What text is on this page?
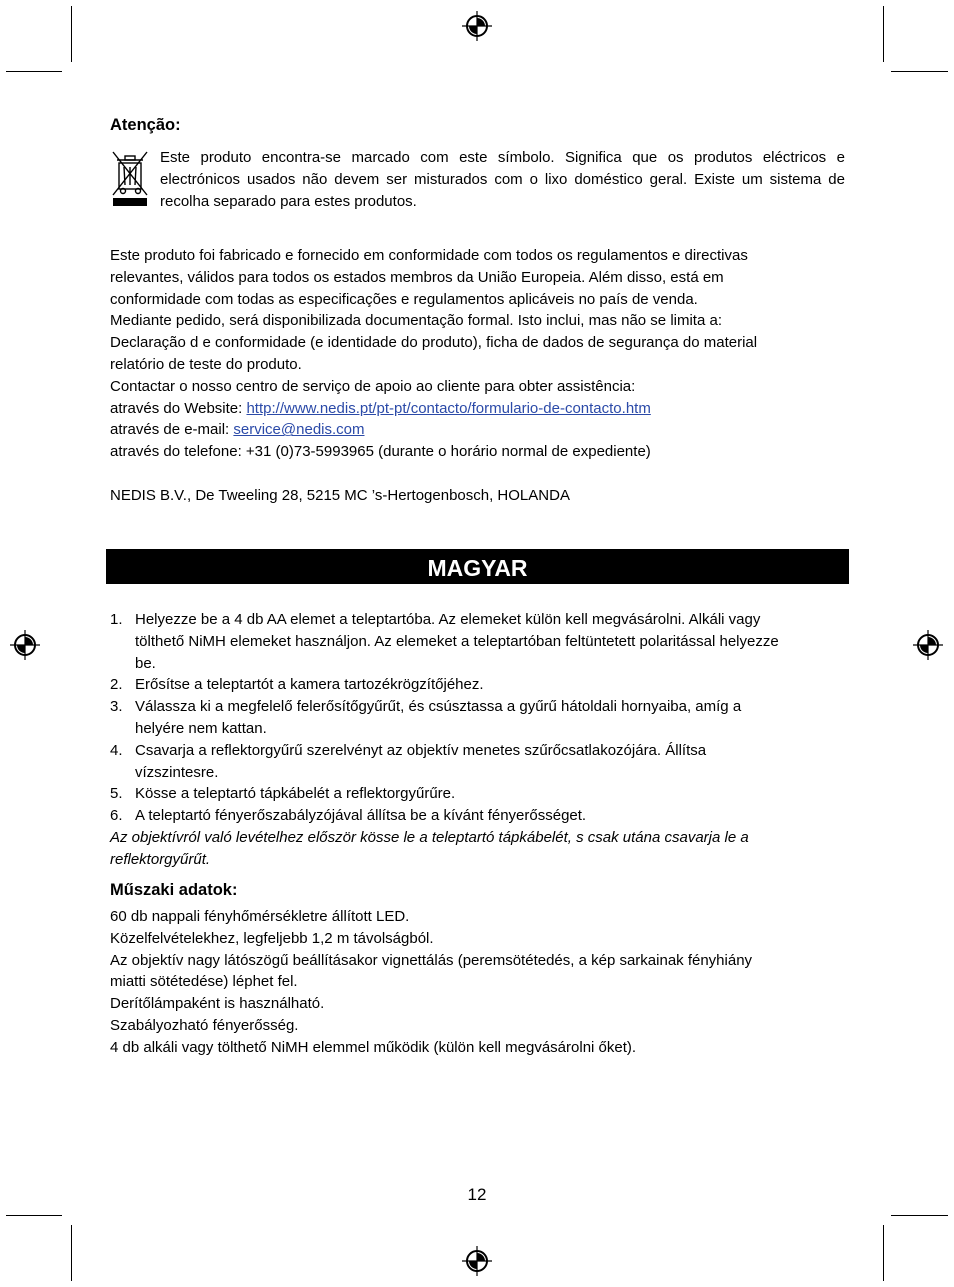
Atenção:
Este produto encontra-se marcado com este símbolo. Significa que os produtos eléctricos e electrónicos usados não devem ser misturados com o lixo doméstico geral. Existe um sistema de recolha separado para estes produtos.
Este produto foi fabricado e fornecido em conformidade com todos os regulamentos e directivas
relevantes, válidos para todos os estados membros da União Europeia. Além disso, está em
conformidade com todas as especificações e regulamentos aplicáveis no país de venda.
Mediante pedido, será disponibilizada documentação formal. Isto inclui, mas não se limita a:
Declaração d e conformidade (e identidade do produto), ficha de dados de segurança do material
relatório de teste do produto.
Contactar o nosso centro de serviço de apoio ao cliente para obter assistência:
através do Website: http://www.nedis.pt/pt-pt/contacto/formulario-de-contacto.htm
através de e-mail: service@nedis.com
através do telefone: +31 (0)73-5993965 (durante o horário normal de expediente)
NEDIS B.V., De Tweeling 28, 5215 MC ’s-Hertogenbosch, HOLANDA
MAGYAR
1. Helyezze be a 4 db AA elemet a teleptartóba. Az elemeket külön kell megvásárolni. Alkáli vagy
tölthető NiMH elemeket használjon. Az elemeket a teleptartóban feltüntetett polaritással helyezze
be.
2. Erősítse a teleptartót a kamera tartozékrögzítőjéhez.
3. Válassza ki a megfelelő felerősítőgyűrűt, és csúsztassa a gyűrű hátoldali hornyaiba, amíg a
helyére nem kattan.
4. Csavarja a reflektorgyűrű szerelvényt az objektív menetes szűrőcsatlakozójára. Állítsa
vízszintesre.
5. Kösse a teleptartó tápkábelét a reflektorgyűrűre.
6. A teleptartó fényerőszabályzójával állítsa be a kívánt fényerősséget.
Az objektívról való levételhez először kösse le a teleptartó tápkábelét, s csak utána csavarja le a
reflektorgyűrűt.
Műszaki adatok:
60 db nappali fényhőmérsékletre állított LED.
Közelfelvételekhez, legfeljebb 1,2 m távolságból.
Az objektív nagy látószögű beállításakor vignettálás (peremsötétedés, a kép sarkainak fényhiány
miatti sötétedése) léphet fel.
Derítőlámpaként is használható.
Szabályozható fényerősség.
4 db alkáli vagy tölthető NiMH elemmel működik (külön kell megvásárolni őket).
12
